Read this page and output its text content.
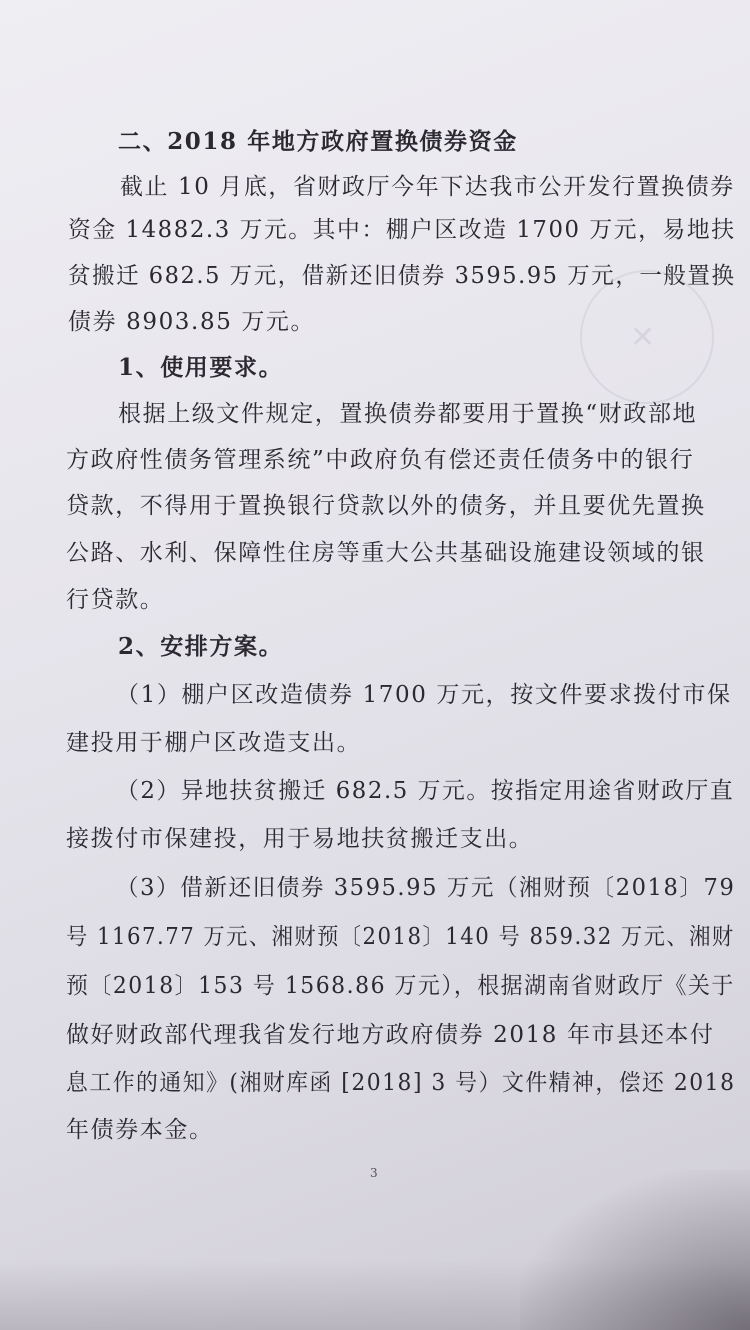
✕
二、2018 年地方政府置换债券资金
截止 10 月底，省财政厅今年下达我市公开发行置换债券
资金 14882.3 万元。其中：棚户区改造 1700 万元，易地扶
贫搬迁 682.5 万元，借新还旧债券 3595.95 万元，一般置换
债券 8903.85 万元。
1、使用要求。
根据上级文件规定，置换债券都要用于置换“财政部地
方政府性债务管理系统”中政府负有偿还责任债务中的银行
贷款，不得用于置换银行贷款以外的债务，并且要优先置换
公路、水利、保障性住房等重大公共基础设施建设领域的银
行贷款。
2、安排方案。
（1）棚户区改造债券 1700 万元，按文件要求拨付市保
建投用于棚户区改造支出。
（2）异地扶贫搬迁 682.5 万元。按指定用途省财政厅直
接拨付市保建投，用于易地扶贫搬迁支出。
（3）借新还旧债券 3595.95 万元（湘财预〔2018〕79
号 1167.77 万元、湘财预〔2018〕140 号 859.32 万元、湘财
预〔2018〕153 号 1568.86 万元），根据湖南省财政厅《关于
做好财政部代理我省发行地方政府债券 2018 年市县还本付
息工作的通知》(湘财库函 [2018] 3 号）文件精神，偿还 2018
年债券本金。
3
